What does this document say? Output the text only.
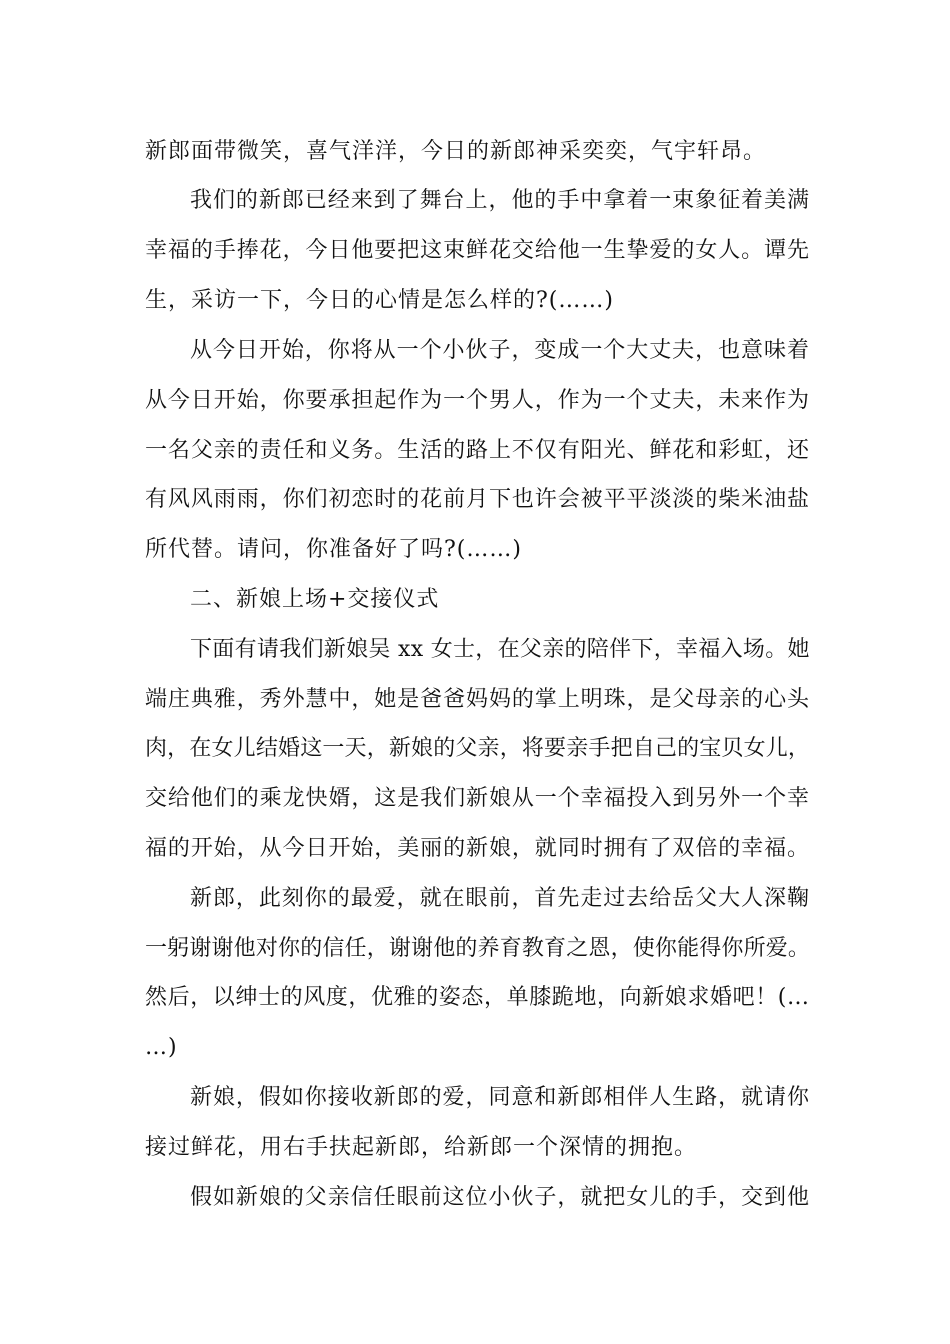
新郎面带微笑，喜气洋洋，今日的新郎神采奕奕，气宇轩昂。

我们的新郎已经来到了舞台上，他的手中拿着一束象征着美满

幸福的手捧花，今日他要把这束鲜花交给他一生挚爱的女人。谭先

生，采访一下，今日的心情是怎么样的?(……)

从今日开始，你将从一个小伙子，变成一个大丈夫，也意味着

从今日开始，你要承担起作为一个男人，作为一个丈夫，未来作为

一名父亲的责任和义务。生活的路上不仅有阳光、鲜花和彩虹，还

有风风雨雨，你们初恋时的花前月下也许会被平平淡淡的柴米油盐

所代替。请问，你准备好了吗?(……)

二、新娘上场+交接仪式

下面有请我们新娘吴 xx 女士，在父亲的陪伴下，幸福入场。她

端庄典雅，秀外慧中，她是爸爸妈妈的掌上明珠，是父母亲的心头

肉，在女儿结婚这一天，新娘的父亲，将要亲手把自己的宝贝女儿，

交给他们的乘龙快婿，这是我们新娘从一个幸福投入到另外一个幸

福的开始，从今日开始，美丽的新娘，就同时拥有了双倍的幸福。

新郎，此刻你的最爱，就在眼前，首先走过去给岳父大人深鞠

一躬谢谢他对你的信任，谢谢他的养育教育之恩，使你能得你所爱。

然后，以绅士的风度，优雅的姿态，单膝跪地，向新娘求婚吧！(…

…)

新娘，假如你接收新郎的爱，同意和新郎相伴人生路，就请你

接过鲜花，用右手扶起新郎，给新郎一个深情的拥抱。

假如新娘的父亲信任眼前这位小伙子，就把女儿的手，交到他
